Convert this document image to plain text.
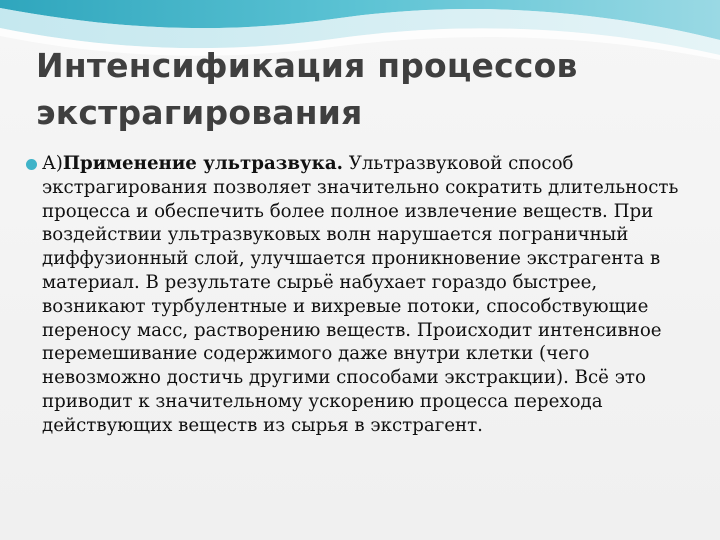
Интенсификация процессов экстрагирования

А)Применение ультразвука. Ультразвуковой способ экстрагирования позволяет значительно сократить длительность процесса и обеспечить более полное извлечение веществ. При воздействии ультразвуковых волн нарушается пограничный диффузионный слой, улучшается проникновение экстрагента в материал. В результате сырьё набухает гораздо быстрее, возникают турбулентные и вихревые потоки, способствующие переносу масс, растворению веществ. Происходит интенсивное перемешивание содержимого даже внутри клетки (чего невозможно достичь другими способами экстракции). Всё это приводит к значительному ускорению процесса перехода действующих веществ из сырья в экстрагент.
